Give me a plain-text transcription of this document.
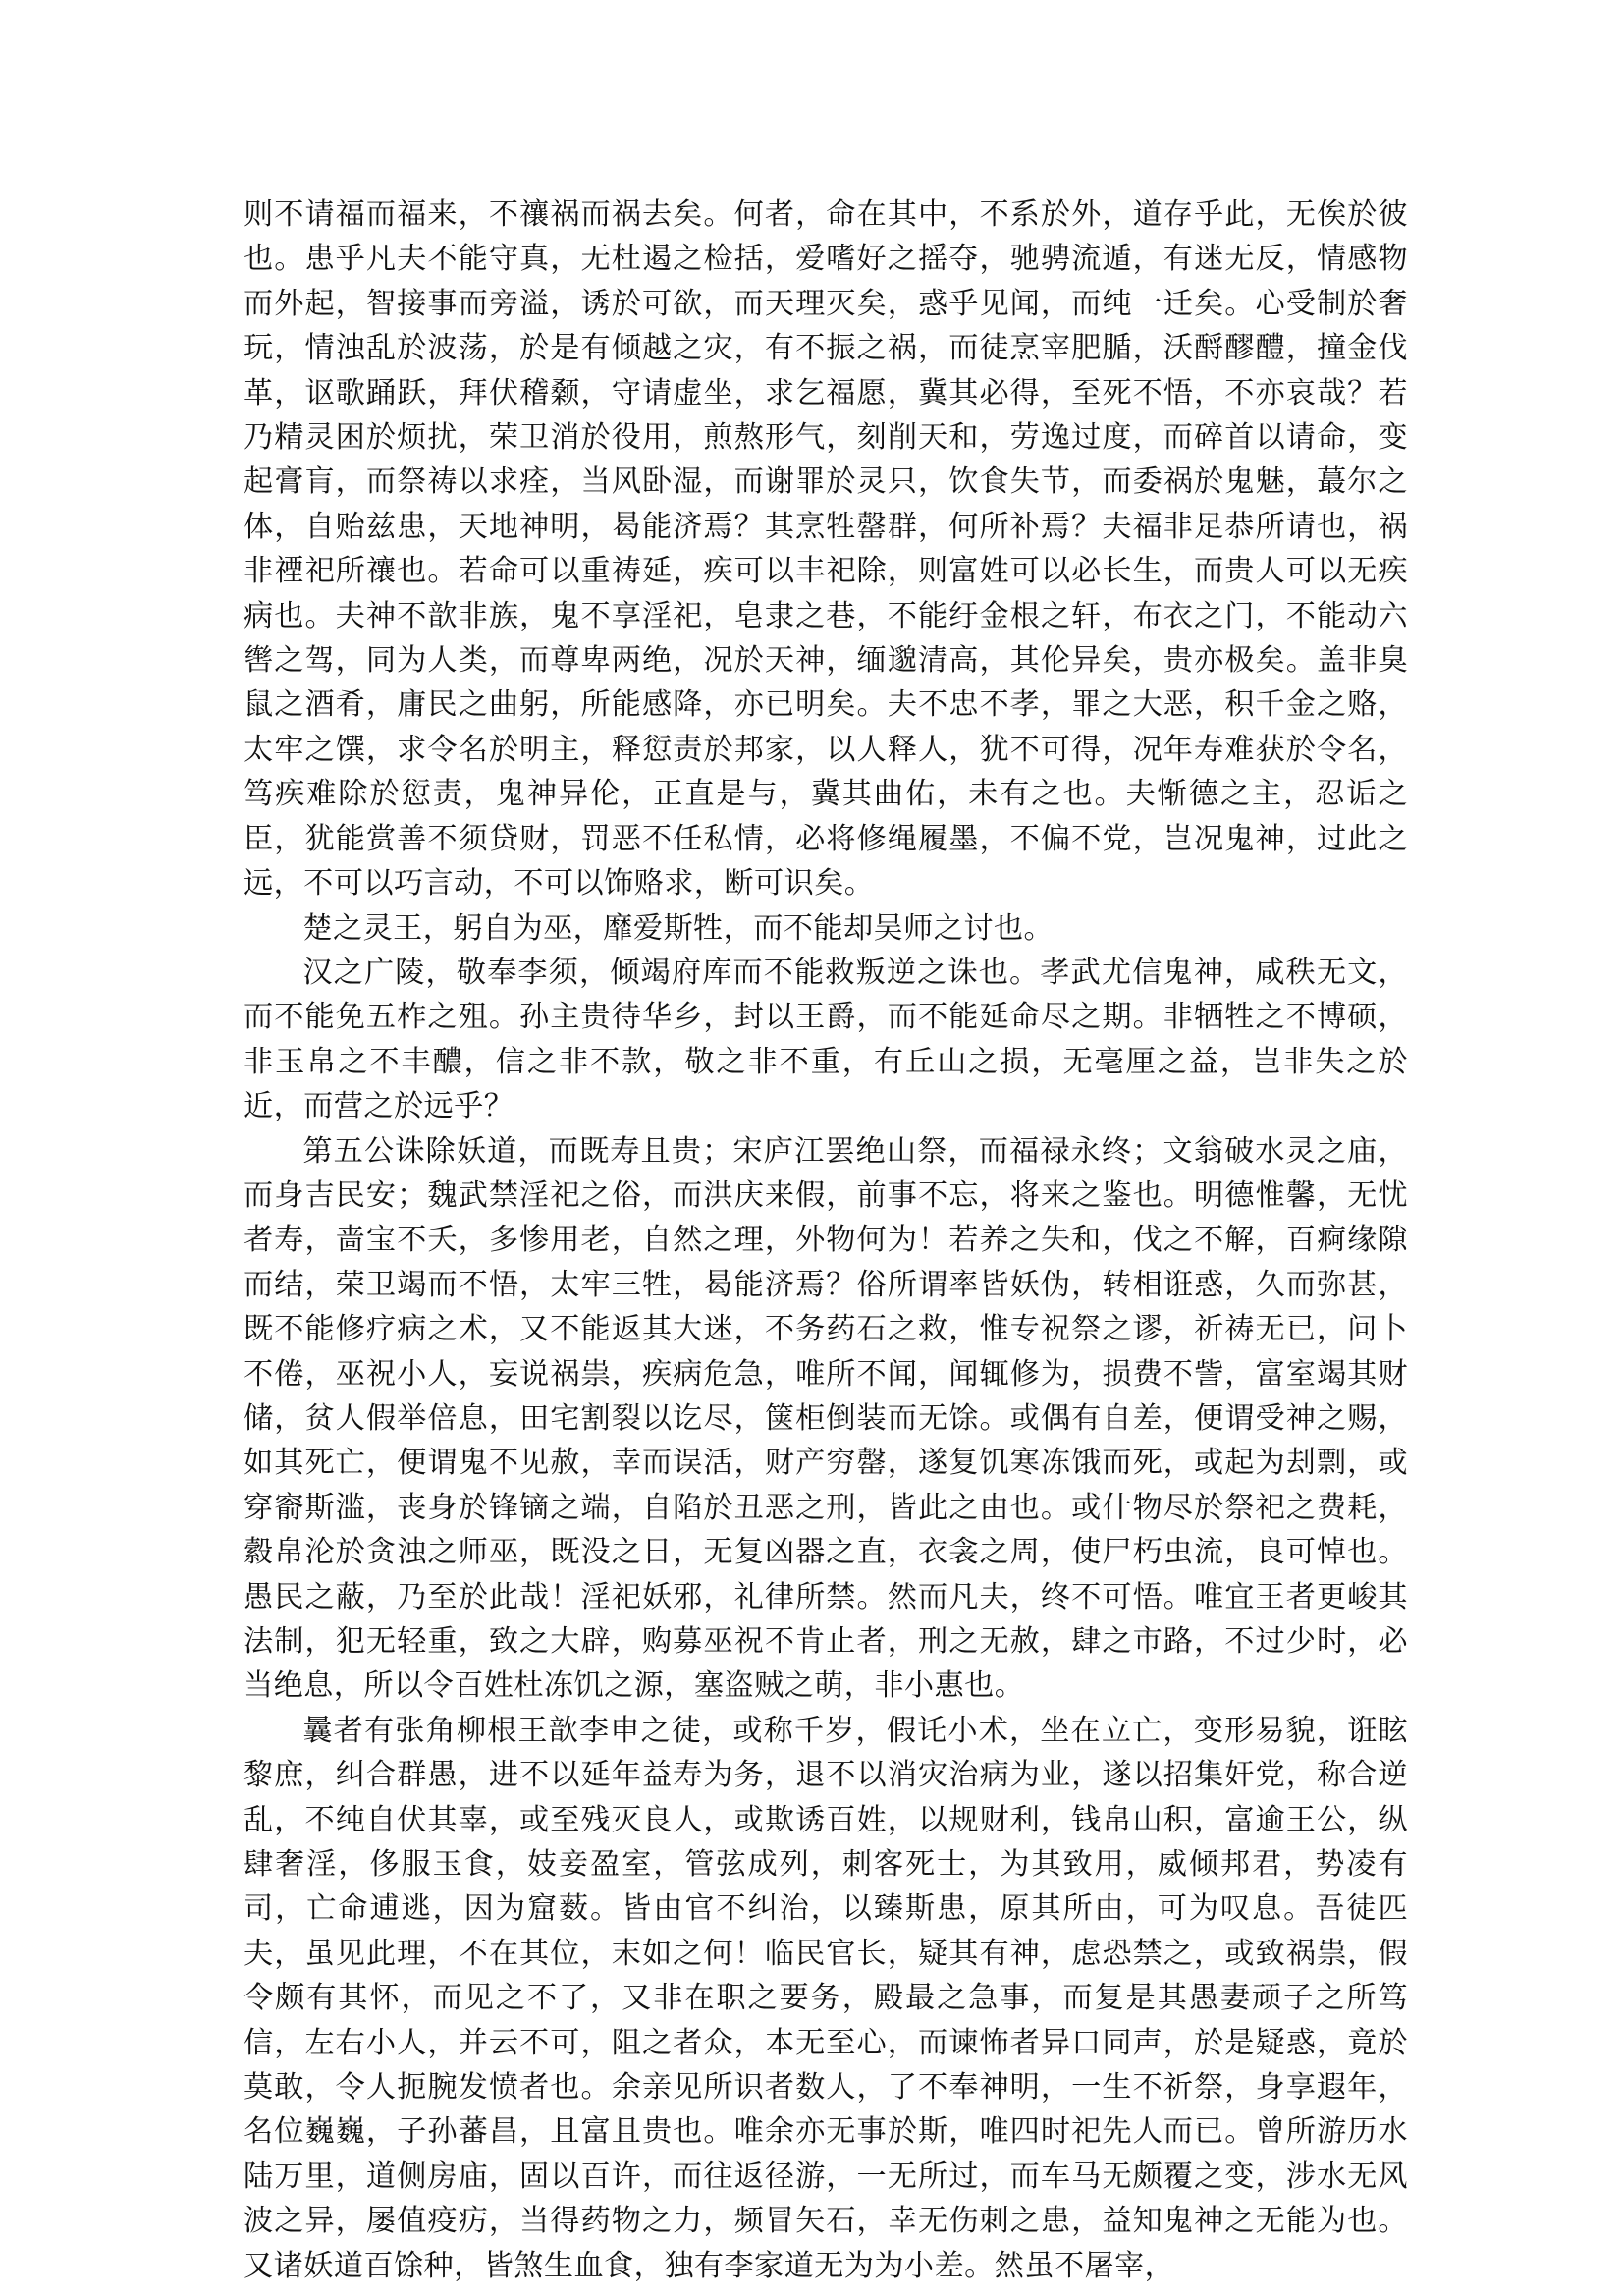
则不请福而福来，不禳祸而祸去矣。何者，命在其中，不系於外，道存乎此，无俟於彼也。患乎凡夫不能守真，无杜遏之检括，爱嗜好之摇夺，驰骋流遁，有迷无反，情感物而外起，智接事而旁溢，诱於可欲，而天理灭矣，惑乎见闻，而纯一迁矣。心受制於奢玩，情浊乱於波荡，於是有倾越之灾，有不振之祸，而徒烹宰肥腯，沃酹醪醴，撞金伐革，讴歌踊跃，拜伏稽颡，守请虚坐，求乞福愿，冀其必得，至死不悟，不亦哀哉？若乃精灵困於烦扰，荣卫消於役用，煎熬形气，刻削天和，劳逸过度，而碎首以请命，变起膏肓，而祭祷以求痊，当风卧湿，而谢罪於灵只，饮食失节，而委祸於鬼魅，蕞尔之体，自贻兹患，天地神明，曷能济焉？其烹牲罄群，何所补焉？夫福非足恭所请也，祸非禋祀所禳也。若命可以重祷延，疾可以丰祀除，则富姓可以必长生，而贵人可以无疾病也。夫神不歆非族，鬼不享淫祀，皂隶之巷，不能纡金根之轩，布衣之门，不能动六辔之驾，同为人类，而尊卑两绝，况於天神，缅邈清高，其伦异矣，贵亦极矣。盖非臭鼠之酒肴，庸民之曲躬，所能感降，亦已明矣。夫不忠不孝，罪之大恶，积千金之赂，太牢之馔，求令名於明主，释愆责於邦家，以人释人，犹不可得，况年寿难获於令名，笃疾难除於愆责，鬼神异伦，正直是与，冀其曲佑，未有之也。夫惭德之主，忍诟之臣，犹能赏善不须贷财，罚恶不任私情，必将修绳履墨，不偏不党，岂况鬼神，过此之远，不可以巧言动，不可以饰赂求，断可识矣。

楚之灵王，躬自为巫，靡爱斯牲，而不能却吴师之讨也。

汉之广陵，敬奉李须，倾竭府库而不能救叛逆之诛也。孝武尤信鬼神，咸秩无文，而不能免五柞之殂。孙主贵待华乡，封以王爵，而不能延命尽之期。非牺牲之不博硕，非玉帛之不丰醲，信之非不款，敬之非不重，有丘山之损，无毫厘之益，岂非失之於近，而营之於远乎？

第五公诛除妖道，而既寿且贵；宋庐江罢绝山祭，而福禄永终；文翁破水灵之庙，而身吉民安；魏武禁淫祀之俗，而洪庆来假，前事不忘，将来之鉴也。明德惟馨，无忧者寿，啬宝不夭，多惨用老，自然之理，外物何为！若养之失和，伐之不解，百痾缘隙而结，荣卫竭而不悟，太牢三牲，曷能济焉？俗所谓率皆妖伪，转相诳惑，久而弥甚，既不能修疗病之术，又不能返其大迷，不务药石之救，惟专祝祭之谬，祈祷无已，问卜不倦，巫祝小人，妄说祸祟，疾病危急，唯所不闻，闻辄修为，损费不訾，富室竭其财储，贫人假举倍息，田宅割裂以讫尽，箧柜倒装而无馀。或偶有自差，便谓受神之赐，如其死亡，便谓鬼不见赦，幸而误活，财产穷罄，遂复饥寒冻饿而死，或起为刦剽，或穿窬斯滥，丧身於锋镝之端，自陷於丑恶之刑，皆此之由也。或什物尽於祭祀之费耗，縠帛沦於贪浊之师巫，既没之日，无复凶器之直，衣衾之周，使尸朽虫流，良可悼也。愚民之蔽，乃至於此哉！淫祀妖邪，礼律所禁。然而凡夫，终不可悟。唯宜王者更峻其法制，犯无轻重，致之大辟，购募巫祝不肯止者，刑之无赦，肆之市路，不过少时，必当绝息，所以令百姓杜冻饥之源，塞盗贼之萌，非小惠也。

曩者有张角柳根王歆李申之徒，或称千岁，假讬小术，坐在立亡，变形易貌，诳眩黎庶，纠合群愚，进不以延年益寿为务，退不以消灾治病为业，遂以招集奸党，称合逆乱，不纯自伏其辜，或至残灭良人，或欺诱百姓，以规财利，钱帛山积，富逾王公，纵肆奢淫，侈服玉食，妓妾盈室，管弦成列，刺客死士，为其致用，威倾邦君，势凌有司，亡命逋逃，因为窟薮。皆由官不纠治，以臻斯患，原其所由，可为叹息。吾徒匹夫，虽见此理，不在其位，末如之何！临民官长，疑其有神，虑恐禁之，或致祸祟，假令颇有其怀，而见之不了，又非在职之要务，殿最之急事，而复是其愚妻顽子之所笃信，左右小人，并云不可，阻之者众，本无至心，而谏怖者异口同声，於是疑惑，竟於莫敢，令人扼腕发愤者也。余亲见所识者数人，了不奉神明，一生不祈祭，身享遐年，名位巍巍，子孙蕃昌，且富且贵也。唯余亦无事於斯，唯四时祀先人而已。曾所游历水陆万里，道侧房庙，固以百许，而往返径游，一无所过，而车马无颇覆之变，涉水无风波之异，屡值疫疠，当得药物之力，频冒矢石，幸无伤刺之患，益知鬼神之无能为也。又诸妖道百馀种，皆煞生血食，独有李家道无为为小差。然虽不屠宰，
